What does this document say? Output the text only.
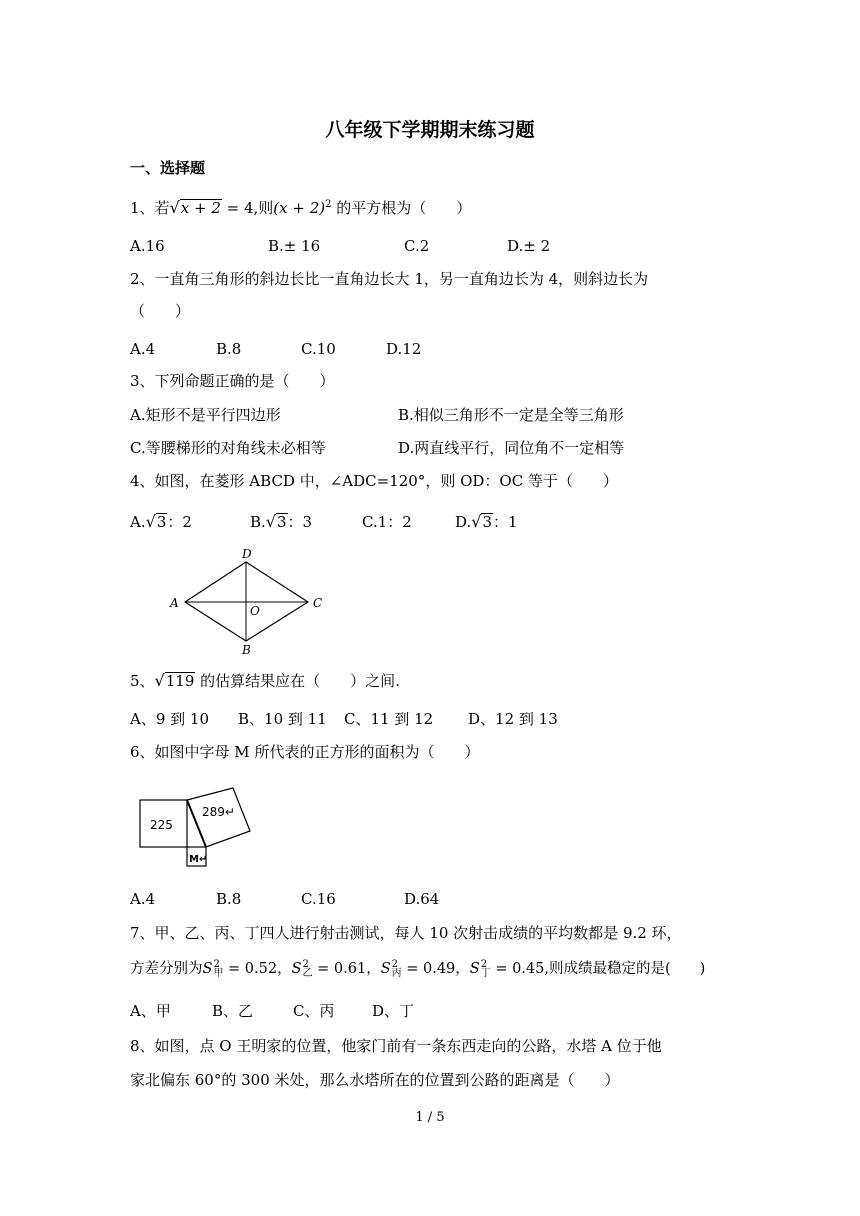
八年级下学期期末练习题
一、选择题
1、若√x + 2 = 4,则$(x + 2)^2$ 的平方根为（　　）
A.16	B.± 16	C.2	D.± 2
2、一直角三角形的斜边长比一直角边长大 1，另一直角边长为 4，则斜边长为
（　　）
A.4	B.8	C.10	D.12
3、下列命题正确的是（　　）
A.矩形不是平行四边形	B.相似三角形不一定是全等三角形
C.等腰梯形的对角线未必相等	D.两直线平行，同位角不一定相等
4、如图，在菱形 ABCD 中，∠ADC=120°，则 OD：OC 等于（　　）
A.√3：2	B.√3：3	C.1：2	D.√3：1
A
D
C
B
O
5、√119 的估算结果应在（　　）之间.
A、9 到 10 B、10 到 11 C、11 到 12 D、12 到 13
6、如图中字母 M 所代表的正方形的面积为（　　）
225
289↵
M↵
A.4	B.8	C.16	D.64
7、甲、乙、丙、丁四人进行射击测试，每人 10 次射击成绩的平均数都是 9.2 环，
方差分别为S2
甲 = 0.52，S2
乙 = 0.61，S2
丙 = 0.49，S2
丁 = 0.45,则成绩最稳定的是(　　)
A、甲	B、乙	C、丙	D、丁
8、如图，点 O 王明家的位置，他家门前有一条东西走向的公路，水塔 A 位于他
家北偏东 60°的 300 米处，那么水塔所在的位置到公路的距离是（　　）
1 / 5
